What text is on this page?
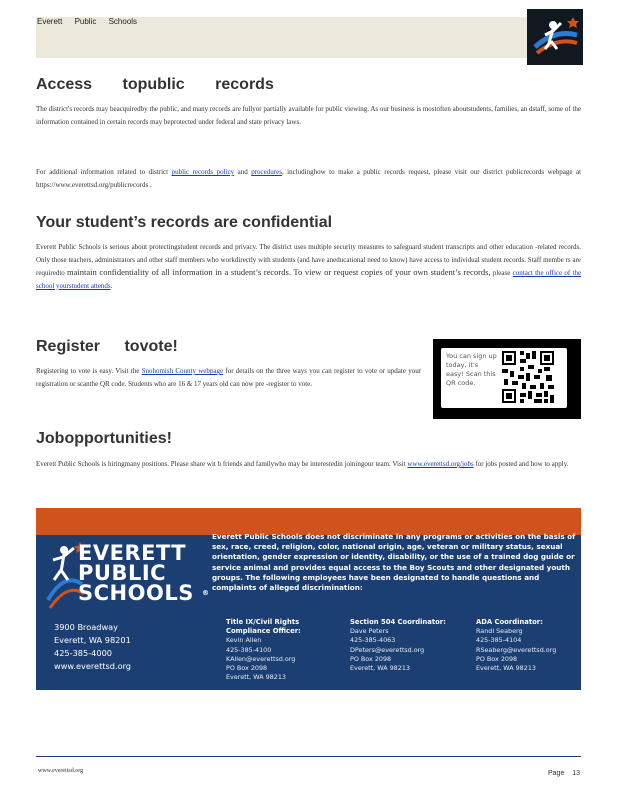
Everett Public Schools
Access topublic records
The district's records may beacquiredby the public, and many records are fullyor partially available for public viewing. As our business is mostoften aboutstudents, families, an dstaff, some of the information contained in certain records may beprotected under federal and state privacy laws.
For additional information related to district public records policy and procedures, includinghow to make a public records request, please visit our district publicrecords webpage at https://www.everettsd.org/publicrecords .
Your student’s records are confidential
Everett Public Schools is serious about protectingstudent records and privacy. The district uses multiple security measures to safeguard student transcripts and other education -related records. Only those teachers, administrators and other staff members who workdirectly with students (and have aneducational need to know) have access to individual student records. Staff membe rs are requiredto maintain confidentiality of all information in a student’s records. To view or request copies of your own student’s records, please contact the office of the school yourstudent attends.
Register tovote!
Registering to vote is easy. Visit the Snohomish County webpage for details on the three ways you can register to vote or update your registration or scanthe QR code. Students who are 16 & 17 years old can now pre -register to vote.
You can sign up today, it's easy! Scan this QR code.
Jobopportunities!
Everett Public Schools is hiringmany positions. Please share wit h friends and familywho may be interestedin joiningour team. Visit www.everettsd.org/jobs for jobs posted and how to apply.
Everett Public Schools does not discriminate in any programs or activities on the basis of sex, race, creed, religion, color, national origin, age, veteran or military status, sexual orientation, gender expression or identity, disability, or the use of a trained dog guide or service animal and provides equal access to the Boy Scouts and other designated youth groups. The following employees have been designated to handle questions and complaints of alleged discrimination:
EVERETT
PUBLIC
SCHOOLS ®
3900 Broadway
Everett, WA 98201
425-385-4000
www.everettsd.org
Title IX/Civil Rights
Compliance Officer:
Kevin Allen
425-385-4100
KAllen@everettsd.org
PO Box 2098
Everett, WA 98213
Section 504 Coordinator:
Dave Peters
425-385-4063
DPeters@everettsd.org
PO Box 2098
Everett, WA 98213
ADA Coordinator:
Randi Seaberg
425-385-4104
RSeaberg@everettsd.org
PO Box 2098
Everett, WA 98213
www.everettsd.org	Page 13
